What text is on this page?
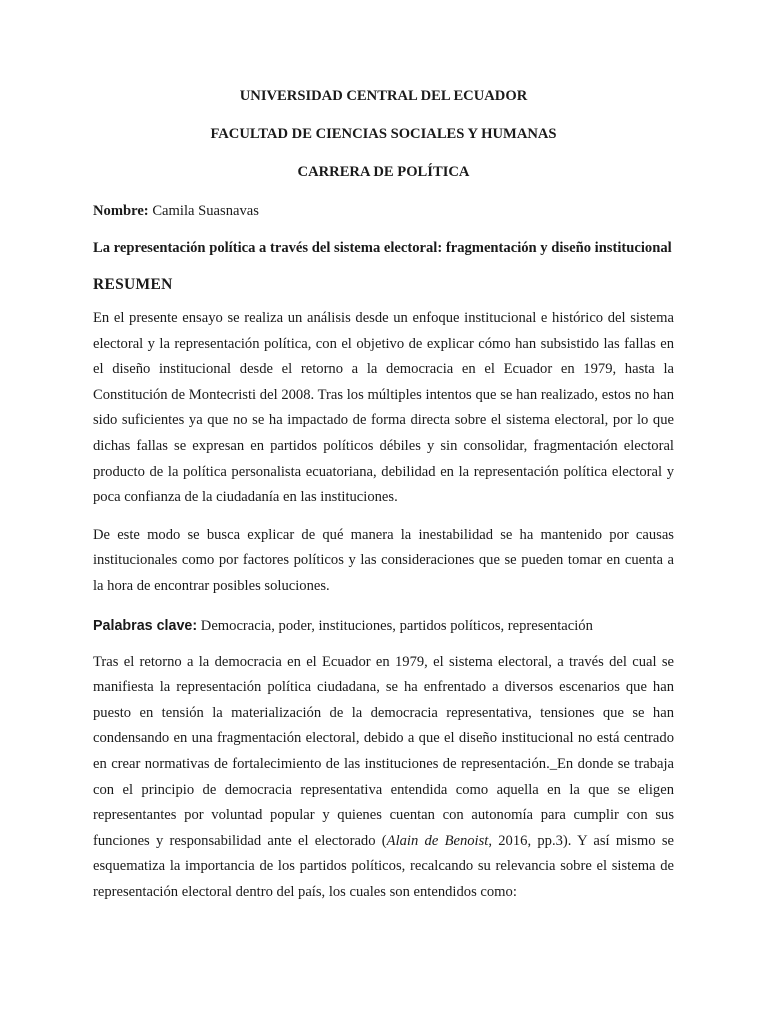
UNIVERSIDAD CENTRAL DEL ECUADOR
FACULTAD DE CIENCIAS SOCIALES Y HUMANAS
CARRERA DE POLÍTICA
Nombre: Camila Suasnavas
La representación política a través del sistema electoral: fragmentación y diseño institucional
RESUMEN

En el presente ensayo se realiza un análisis desde un enfoque institucional e histórico del sistema electoral y la representación política, con el objetivo de explicar cómo han subsistido las fallas en el diseño institucional desde el retorno a la democracia en el Ecuador en 1979, hasta la Constitución de Montecristi del 2008. Tras los múltiples intentos que se han realizado, estos no han sido suficientes ya que no se ha impactado de forma directa sobre el sistema electoral, por lo que dichas fallas se expresan en partidos políticos débiles y sin consolidar, fragmentación electoral producto de la política personalista ecuatoriana, debilidad en la representación política electoral y poca confianza de la ciudadanía en las instituciones.

De este modo se busca explicar de qué manera la inestabilidad se ha mantenido por causas institucionales como por factores políticos y las consideraciones que se pueden tomar en cuenta a la hora de encontrar posibles soluciones.

Palabras clave: Democracia, poder, instituciones, partidos políticos, representación

Tras el retorno a la democracia en el Ecuador en 1979, el sistema electoral, a través del cual se manifiesta la representación política ciudadana, se ha enfrentado a diversos escenarios que han puesto en tensión la materialización de la democracia representativa, tensiones que se han condensando en una fragmentación electoral, debido a que el diseño institucional no está centrado en crear normativas de fortalecimiento de las instituciones de representación._En donde se trabaja con el principio de democracia representativa entendida como aquella en la que se eligen representantes por voluntad popular y quienes cuentan con autonomía para cumplir con sus funciones y responsabilidad ante el electorado (Alain de Benoist, 2016, pp.3). Y así mismo se esquematiza la importancia de los partidos políticos, recalcando su relevancia sobre el sistema de representación electoral dentro del país, los cuales son entendidos como:
